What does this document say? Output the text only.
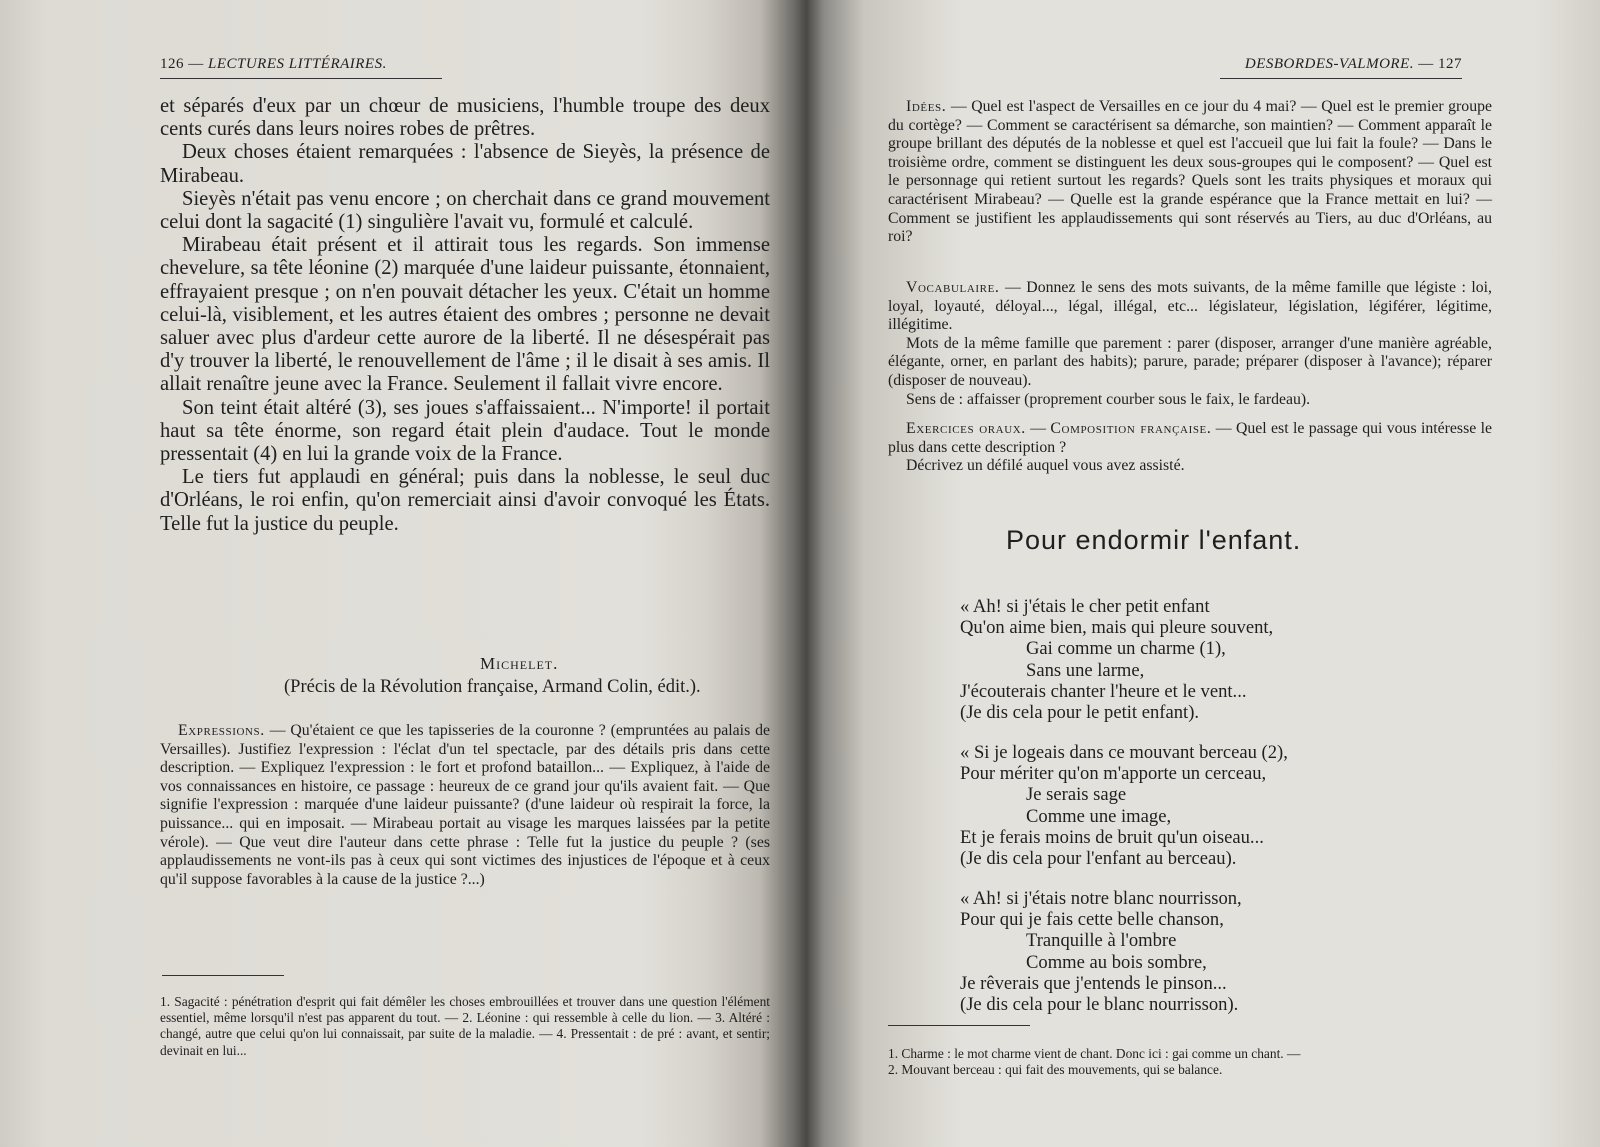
126 — LECTURES LITTÉRAIRES.

et séparés d'eux par un chœur de musiciens, l'humble troupe des deux cents curés dans leurs noires robes de prêtres.

Deux choses étaient remarquées : l'absence de Sieyès, la présence de Mirabeau.

Sieyès n'était pas venu encore ; on cherchait dans ce grand mouvement celui dont la sagacité (1) singulière l'avait vu, formulé et calculé.

Mirabeau était présent et il attirait tous les regards. Son immense chevelure, sa tête léonine (2) marquée d'une laideur puissante, étonnaient, effrayaient presque ; on n'en pouvait détacher les yeux. C'était un homme celui-là, visiblement, et les autres étaient des ombres ; personne ne devait saluer avec plus d'ardeur cette aurore de la liberté. Il ne désespérait pas d'y trouver la liberté, le renouvellement de l'âme ; il le disait à ses amis. Il allait renaître jeune avec la France. Seulement il fallait vivre encore.

Son teint était altéré (3), ses joues s'affaissaient... N'importe! il portait haut sa tête énorme, son regard était plein d'audace. Tout le monde pressentait (4) en lui la grande voix de la France.

Le tiers fut applaudi en général; puis dans la noblesse, le seul duc d'Orléans, le roi enfin, qu'on remerciait ainsi d'avoir convoqué les États. Telle fut la justice du peuple.

Michelet.
(Précis de la Révolution française, Armand Colin, édit.).

Expressions. — Qu'étaient ce que les tapisseries de la couronne ? (empruntées au palais de Versailles). Justifiez l'expression : l'éclat d'un tel spectacle, par des détails pris dans cette description. — Expliquez l'expression : le fort et profond bataillon... — Expliquez, à l'aide de vos connaissances en histoire, ce passage : heureux de ce grand jour qu'ils avaient fait. — Que signifie l'expression : marquée d'une laideur puissante? (d'une laideur où respirait la force, la puissance... qui en imposait. — Mirabeau portait au visage les marques laissées par la petite vérole). — Que veut dire l'auteur dans cette phrase : Telle fut la justice du peuple ? (ses applaudissements ne vont-ils pas à ceux qui sont victimes des injustices de l'époque et à ceux qu'il suppose favorables à la cause de la justice ?...)

1. Sagacité : pénétration d'esprit qui fait démêler les choses embrouillées et trouver dans une question l'élément essentiel, même lorsqu'il n'est pas apparent du tout. — 2. Léonine : qui ressemble à celle du lion. — 3. Altéré : changé, autre que celui qu'on lui connaissait, par suite de la maladie. — 4. Pressentait : de pré : avant, et sentir; devinait en lui...
DESBORDES-VALMORE. — 127

Idées. — Quel est l'aspect de Versailles en ce jour du 4 mai? — Quel est le premier groupe du cortège? — Comment se caractérisent sa démarche, son maintien? — Comment apparaît le groupe brillant des députés de la noblesse et quel est l'accueil que lui fait la foule? — Dans le troisième ordre, comment se distinguent les deux sous-groupes qui le composent? — Quel est le personnage qui retient surtout les regards? Quels sont les traits physiques et moraux qui caractérisent Mirabeau? — Quelle est la grande espérance que la France mettait en lui? — Comment se justifient les applaudissements qui sont réservés au Tiers, au duc d'Orléans, au roi?

Vocabulaire. — Donnez le sens des mots suivants, de la même famille que légiste : loi, loyal, loyauté, déloyal..., légal, illégal, etc... législateur, législation, légiférer, légitime, illégitime.

Mots de la même famille que parement : parer (disposer, arranger d'une manière agréable, élégante, orner, en parlant des habits); parure, parade; préparer (disposer à l'avance); réparer (disposer de nouveau).

Sens de : affaisser (proprement courber sous le faix, le fardeau).

Exercices oraux. — Composition française. — Quel est le passage qui vous intéresse le plus dans cette description ?

Décrivez un défilé auquel vous avez assisté.

Pour endormir l'enfant.
« Ah! si j'étais le cher petit enfant
Qu'on aime bien, mais qui pleure souvent,
Gai comme un charme (1),
Sans une larme,
J'écouterais chanter l'heure et le vent...
(Je dis cela pour le petit enfant).
« Si je logeais dans ce mouvant berceau (2),
Pour mériter qu'on m'apporte un cerceau,
Je serais sage
Comme une image,
Et je ferais moins de bruit qu'un oiseau...
(Je dis cela pour l'enfant au berceau).
« Ah! si j'étais notre blanc nourrisson,
Pour qui je fais cette belle chanson,
Tranquille à l'ombre
Comme au bois sombre,
Je rêverais que j'entends le pinson...
(Je dis cela pour le blanc nourrisson).

1. Charme : le mot charme vient de chant. Donc ici : gai comme un chant. —

2. Mouvant berceau : qui fait des mouvements, qui se balance.
